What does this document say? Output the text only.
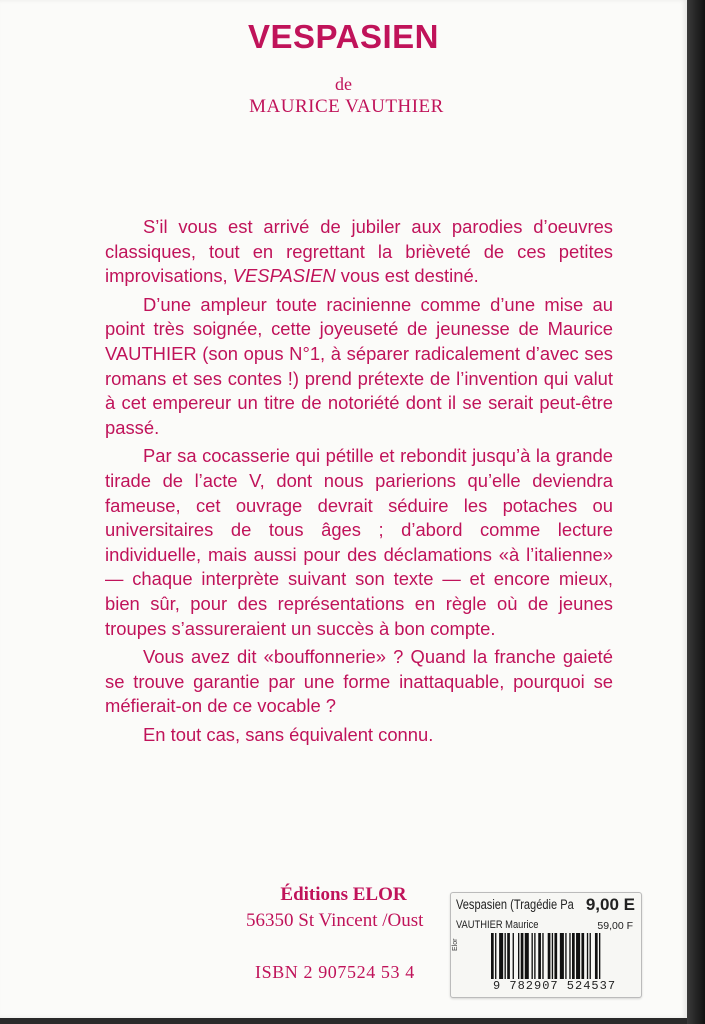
VESPASIEN
de
MAURICE VAUTHIER

S’il vous est arrivé de jubiler aux parodies d’oeuvres classiques, tout en regrettant la brièveté de ces petites improvisations, VESPASIEN vous est destiné.

D’une ampleur toute racinienne comme d’une mise au point très soignée, cette joyeuseté de jeunesse de Maurice VAUTHIER (son opus N°1, à séparer radicalement d’avec ses romans et ses contes !) prend prétexte de l’invention qui valut à cet empereur un titre de notoriété dont il se serait peut-être passé.

Par sa cocasserie qui pétille et rebondit jusqu’à la grande tirade de l’acte V, dont nous parierions qu’elle deviendra fameuse, cet ouvrage devrait séduire les potaches ou universitaires de tous âges ; d’abord comme lecture individuelle, mais aussi pour des déclamations «à l’italienne» — chaque interprète suivant son texte — et encore mieux, bien sûr, pour des représentations en règle où de jeunes troupes s’assureraient un succès à bon compte.

Vous avez dit «bouffonnerie» ? Quand la franche gaieté se trouve garantie par une forme inattaquable, pourquoi se méfierait-on de ce vocable ?

En tout cas, sans équivalent connu.

Éditions ELOR
56350 St Vincent /Oust
ISBN 2 907524 53 4
Vespasien (Tragédie Pa 9,00 E
VAUTHIER Maurice	59,00 F
Elor
9 782907 524537
